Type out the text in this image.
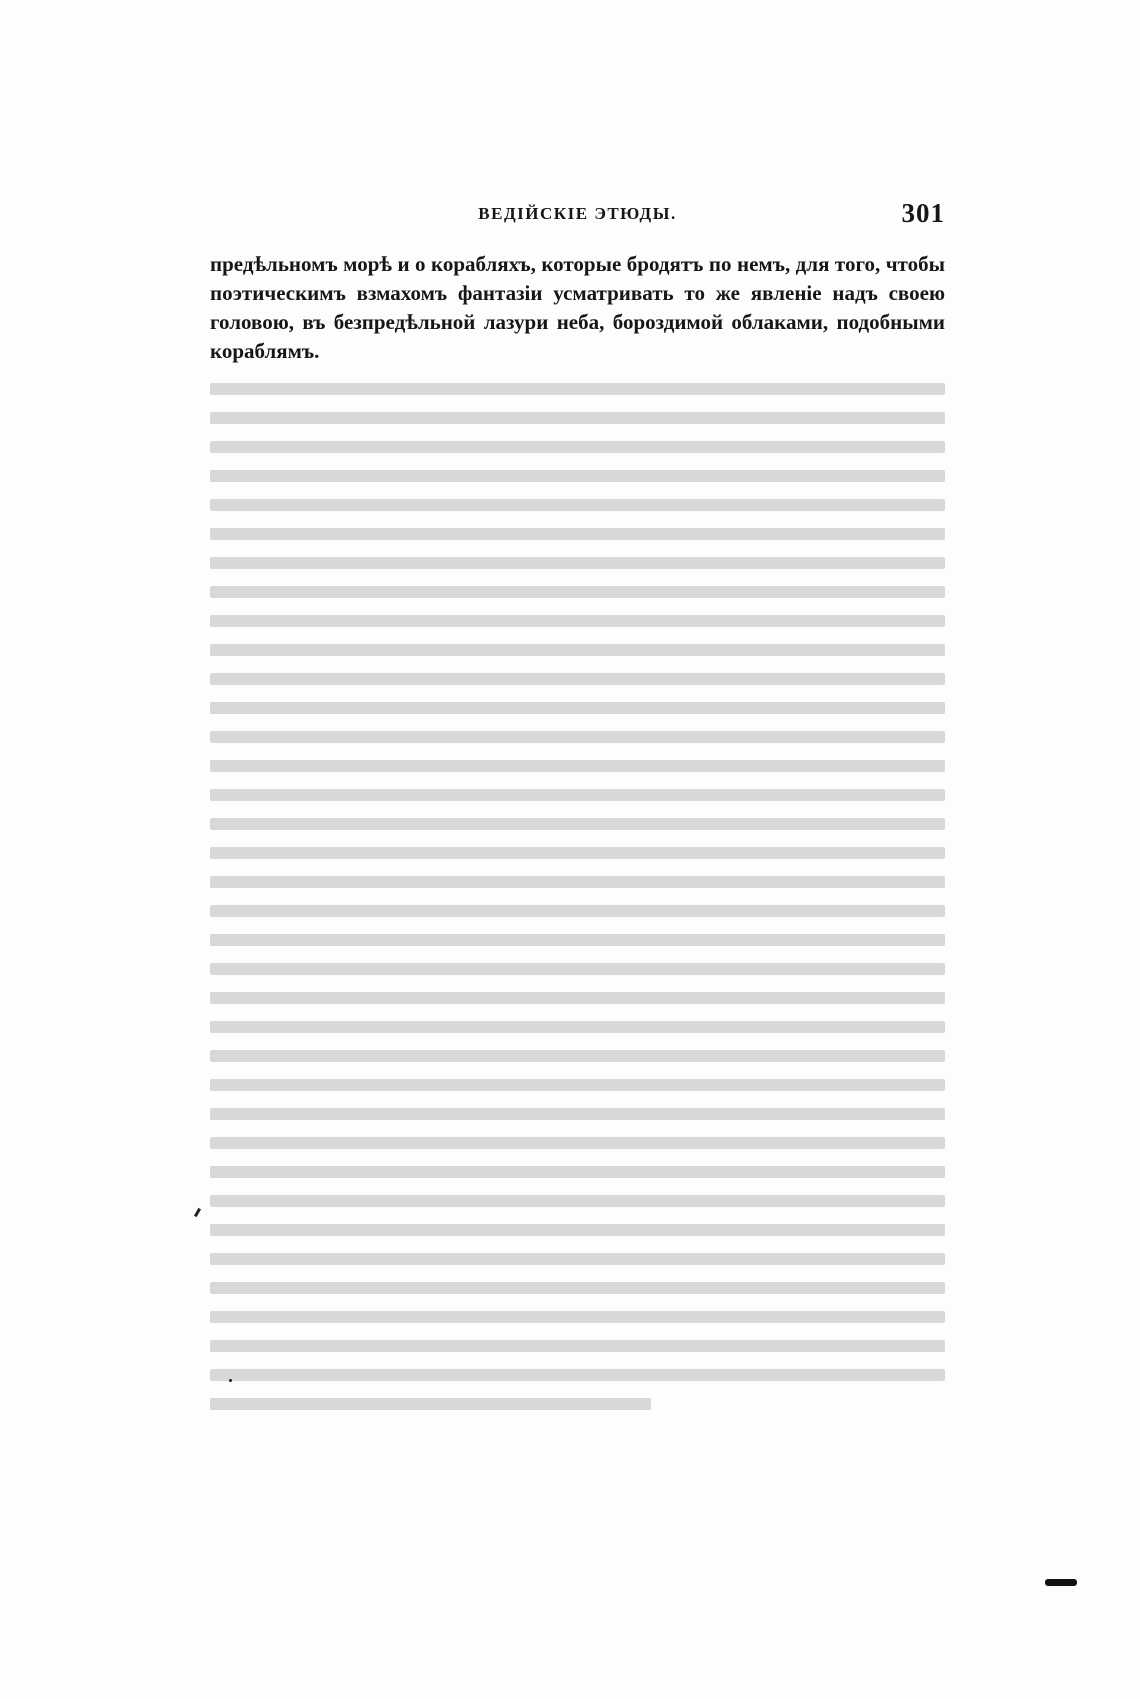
ВЕДІЙСКІЕ ЭТЮДЫ.	301

предѣльномъ морѣ и о корабляхъ, которые бродятъ по немъ, для того, чтобы поэтическимъ взмахомъ фантазіи усматривать то же явленіе надъ своею головою, въ безпредѣльной лазури неба, бороздимой облаками, подобными кораблямъ.
